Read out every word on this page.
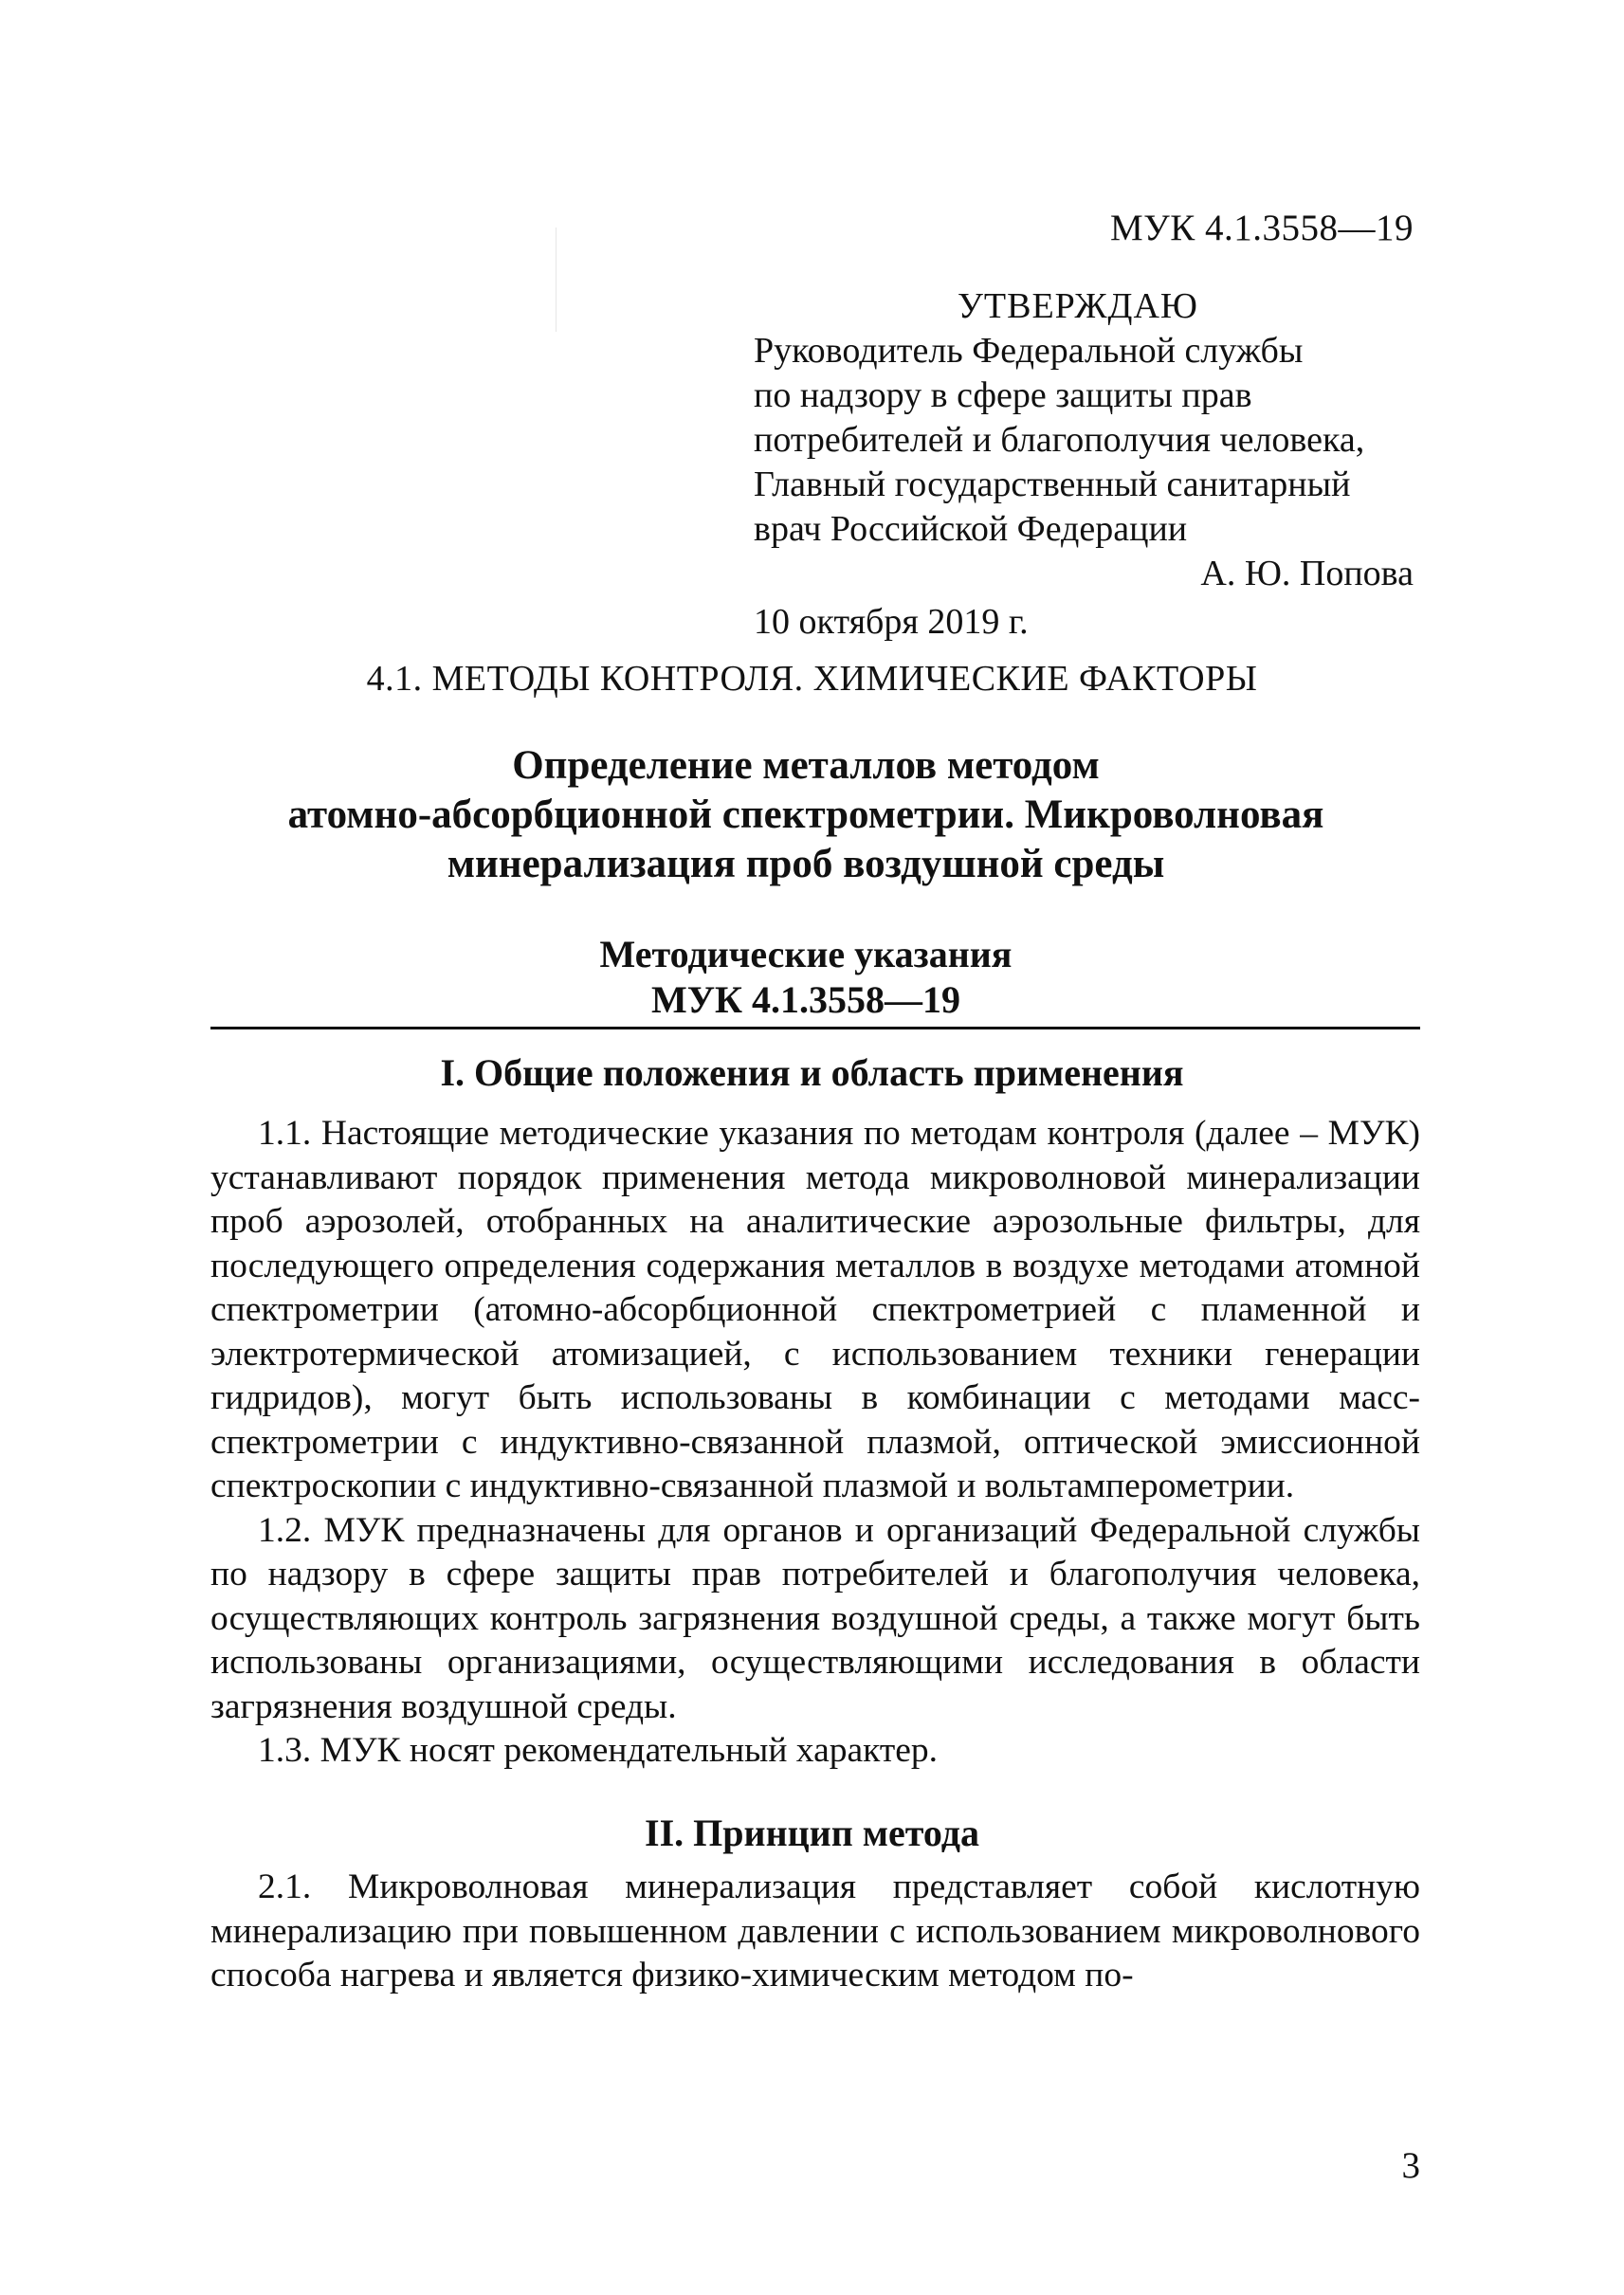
МУК 4.1.3558—19
УТВЕРЖДАЮ
Руководитель Федеральной службы
по надзору в сфере защиты прав
потребителей и благополучия человека,
Главный государственный санитарный
врач Российской Федерации
А. Ю. Попова
10 октября 2019 г.
4.1. МЕТОДЫ КОНТРОЛЯ. ХИМИЧЕСКИЕ ФАКТОРЫ
Определение металлов методом
атомно-абсорбционной спектрометрии. Микроволновая
минерализация проб воздушной среды
Методические указания
МУК 4.1.3558—19
I. Общие положения и область применения
1.1. Настоящие методические указания по методам контроля (далее – МУК) устанавливают порядок применения метода микроволновой минерализации проб аэрозолей, отобранных на аналитические аэрозольные фильтры, для последующего определения содержания металлов в воздухе методами атомной спектрометрии (атомно-абсорбционной спектрометрией с пламенной и электротермической атомизацией, с использованием техники генерации гидридов), могут быть использованы в комбинации с методами масс-спектрометрии с индуктивно-связанной плазмой, оптической эмиссионной спектроскопии с индуктивно-связанной плазмой и вольтамперометрии.
1.2. МУК предназначены для органов и организаций Федеральной службы по надзору в сфере защиты прав потребителей и благополучия человека, осуществляющих контроль загрязнения воздушной среды, а также могут быть использованы организациями, осуществляющими исследования в области загрязнения воздушной среды.
1.3. МУК носят рекомендательный характер.
II. Принцип метода
2.1. Микроволновая минерализация представляет собой кислотную минерализацию при повышенном давлении с использованием микроволнового способа нагрева и является физико-химическим методом по-
3
